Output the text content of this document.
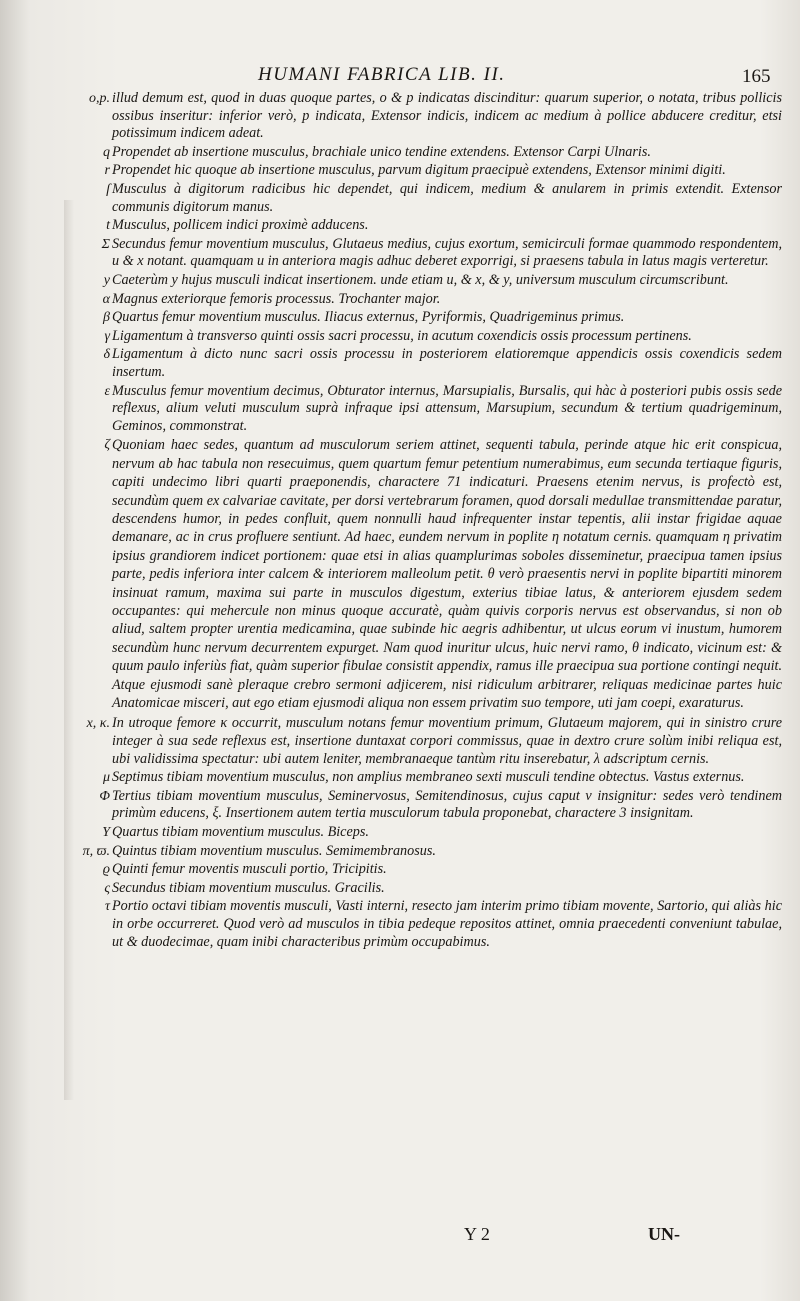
HUMANI FABRICA LIB. II.	165

o,p. illud demum est, quod in duas quoque partes, o & p indicatas discinditur: quarum superior, o notata, tribus pollicis ossibus inseritur: inferior verò, p indicata, Extensor indicis, indicem ac medium à pollice abducere creditur, etsi potissimum indicem adeat.

q Propendet ab insertione musculus, brachiale unico tendine extendens. Extensor Carpi Ulnaris.

r Propendet hic quoque ab insertione musculus, parvum digitum praecipuè extendens, Extensor minimi digiti.

ſ Musculus à digitorum radicibus hic dependet, qui indicem, medium & anularem in primis extendit. Extensor communis digitorum manus.

t Musculus, pollicem indici proximè adducens.

Σ Secundus femur moventium musculus, Glutaeus medius, cujus exortum, semicirculi formae quammodo respondentem, u & x notant. quamquam u in anteriora magis adhuc deberet exporrigi, si praesens tabula in latus magis verteretur.

y Caeterùm y hujus musculi indicat insertionem. unde etiam u, & x, & y, universum musculum circumscribunt.

α Magnus exteriorque femoris processus. Trochanter major.

β Quartus femur moventium musculus. Iliacus externus, Pyriformis, Quadrigeminus primus.

γ Ligamentum à transverso quinti ossis sacri processu, in acutum coxendicis ossis processum pertinens.

δ Ligamentum à dicto nunc sacri ossis processu in posteriorem elatioremque appendicis ossis coxendicis sedem insertum.

ε Musculus femur moventium decimus, Obturator internus, Marsupialis, Bursalis, qui hàc à posteriori pubis ossis sede reflexus, alium veluti musculum suprà infraque ipsi attensum, Marsupium, secundum & tertium quadrigeminum, Geminos, commonstrat.

ζ Quoniam haec sedes, quantum ad musculorum seriem attinet, sequenti tabula, perinde atque hic erit conspicua, nervum ab hac tabula non resecuimus, quem quartum femur petentium numerabimus, eum secunda tertiaque figuris, capiti undecimo libri quarti praeponendis, charactere 71 indicaturi. Praesens etenim nervus, is profectò est, secundùm quem ex calvariae cavitate, per dorsi vertebrarum foramen, quod dorsali medullae transmittendae paratur, descendens humor, in pedes confluit, quem nonnulli haud infrequenter instar tepentis, alii instar frigidae aquae demanare, ac in crus profluere sentiunt. Ad haec, eundem nervum in poplite η notatum cernis. quamquam η privatim ipsius grandiorem indicet portionem: quae etsi in alias quamplurimas soboles disseminetur, praecipua tamen ipsius parte, pedis inferiora inter calcem & interiorem malleolum petit. θ verò praesentis nervi in poplite bipartiti minorem insinuat ramum, maxima sui parte in musculos digestum, exterius tibiae latus, & anteriorem ejusdem sedem occupantes: qui mehercule non minus quoque accuratè, quàm quivis corporis nervus est observandus, si non ob aliud, saltem propter urentia medicamina, quae subinde hic aegris adhibentur, ut ulcus eorum vi inustum, humorem secundùm hunc nervum decurrentem expurget. Nam quod inuritur ulcus, huic nervi ramo, θ indicato, vicinum est: & quum paulo inferiùs fiat, quàm superior fibulae consistit appendix, ramus ille praecipua sua portione contingi nequit. Atque ejusmodi sanè pleraque crebro sermoni adjicerem, nisi ridiculum arbitrarer, reliquas medicinae partes huic Anatomicae misceri, aut ego etiam ejusmodi aliqua non essem privatim suo tempore, uti jam coepi, exaraturus.

x, κ. In utroque femore κ occurrit, musculum notans femur moventium primum, Glutaeum majorem, qui in sinistro crure integer à sua sede reflexus est, insertione duntaxat corpori commissus, quae in dextro crure solùm inibi reliqua est, ubi validissima spectatur: ubi autem leniter, membranaeque tantùm ritu inserebatur, λ adscriptum cernis.

μ Septimus tibiam moventium musculus, non amplius membraneo sexti musculi tendine obtectus. Vastus externus.

Φ Tertius tibiam moventium musculus, Seminervosus, Semitendinosus, cujus caput ν insignitur: sedes verò tendinem primùm educens, ξ. Insertionem autem tertia musculorum tabula proponebat, charactere 3 insignitam.

Υ Quartus tibiam moventium musculus. Biceps.

π, ϖ. Quintus tibiam moventium musculus. Semimembranosus.

ϱ Quinti femur moventis musculi portio, Tricipitis.

ς Secundus tibiam moventium musculus. Gracilis.

τ Portio octavi tibiam moventis musculi, Vasti interni, resecto jam interim primo tibiam movente, Sartorio, qui aliàs hic in orbe occurreret. Quod verò ad musculos in tibia pedeque repositos attinet, omnia praecedenti conveniunt tabulae, ut & duodecimae, quam inibi characteribus primùm occupabimus.

Y 2	UN-
